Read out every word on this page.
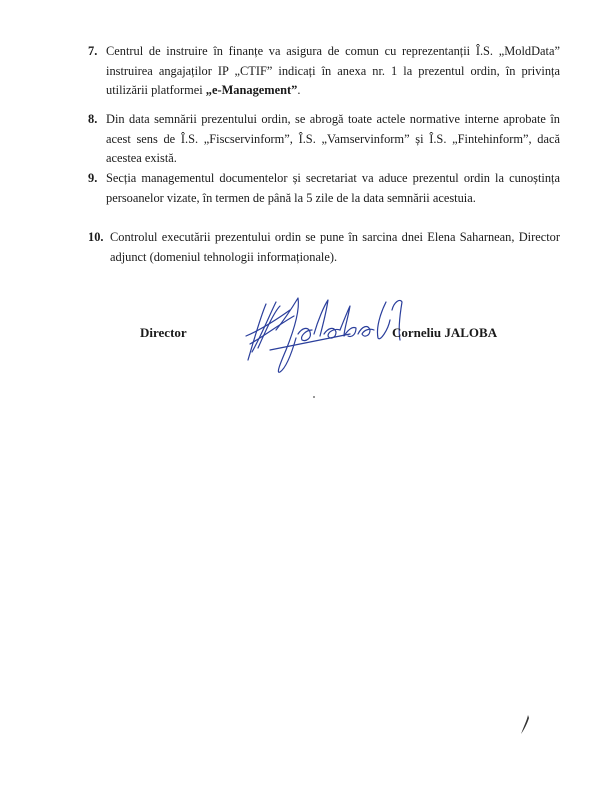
7. Centrul de instruire în finanțe va asigura de comun cu reprezentanții Î.S. „MoldData” instruirea angajaților IP „CTIF” indicați în anexa nr. 1 la prezentul ordin, în privința utilizării platformei „e-Management”.
8. Din data semnării prezentului ordin, se abrogă toate actele normative interne aprobate în acest sens de Î.S. „Fiscservinform”, Î.S. „Vamservinform” și Î.S. „Fintehinform”, dacă acestea există.
9. Secția managementul documentelor și secretariat va aduce prezentul ordin la cunoștința persoanelor vizate, în termen de până la 5 zile de la data semnării acestuia.
10. Controlul executării prezentului ordin se pune în sarcina dnei Elena Saharnean, Director adjunct (domeniul tehnologii informaționale).
Director	Corneliu JALOBA
